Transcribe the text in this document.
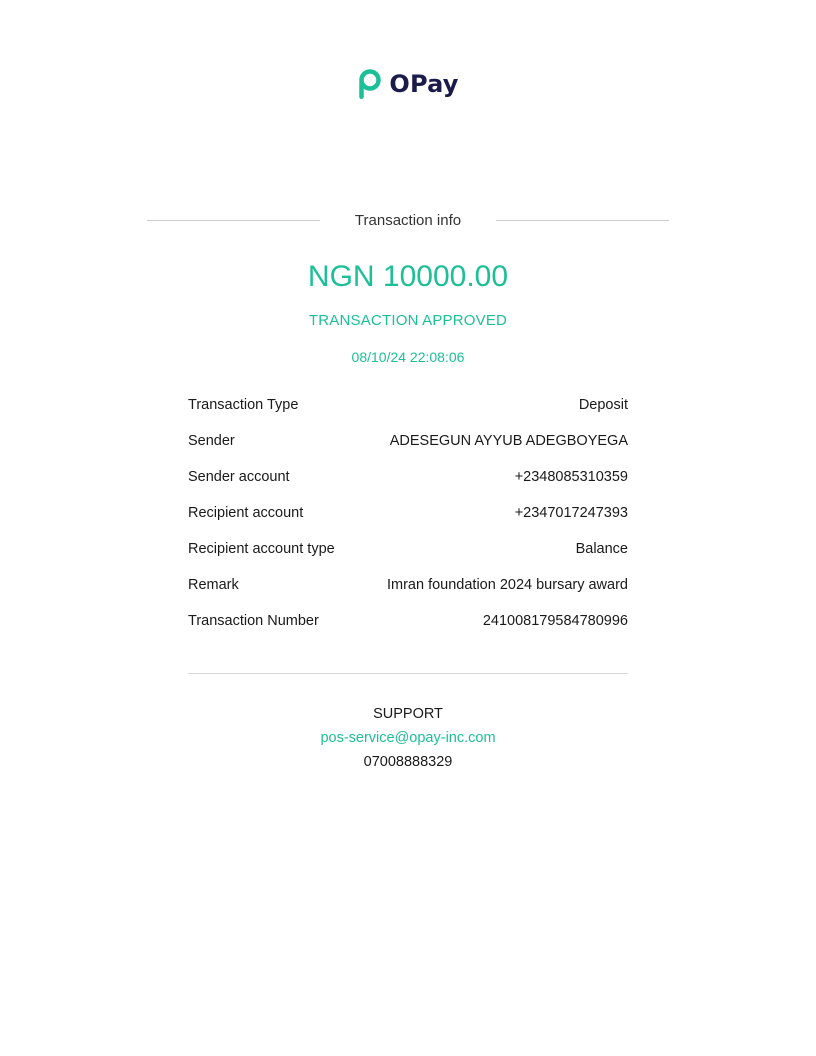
OPay
Transaction info
NGN 10000.00
TRANSACTION APPROVED
08/10/24 22:08:06
Transaction Type	Deposit
Sender	ADESEGUN AYYUB ADEGBOYEGA
Sender account	+2348085310359
Recipient account	+2347017247393
Recipient account type	Balance
Remark	Imran foundation 2024 bursary award
Transaction Number	241008179584780996
SUPPORT
pos-service@opay-inc.com
07008888329
